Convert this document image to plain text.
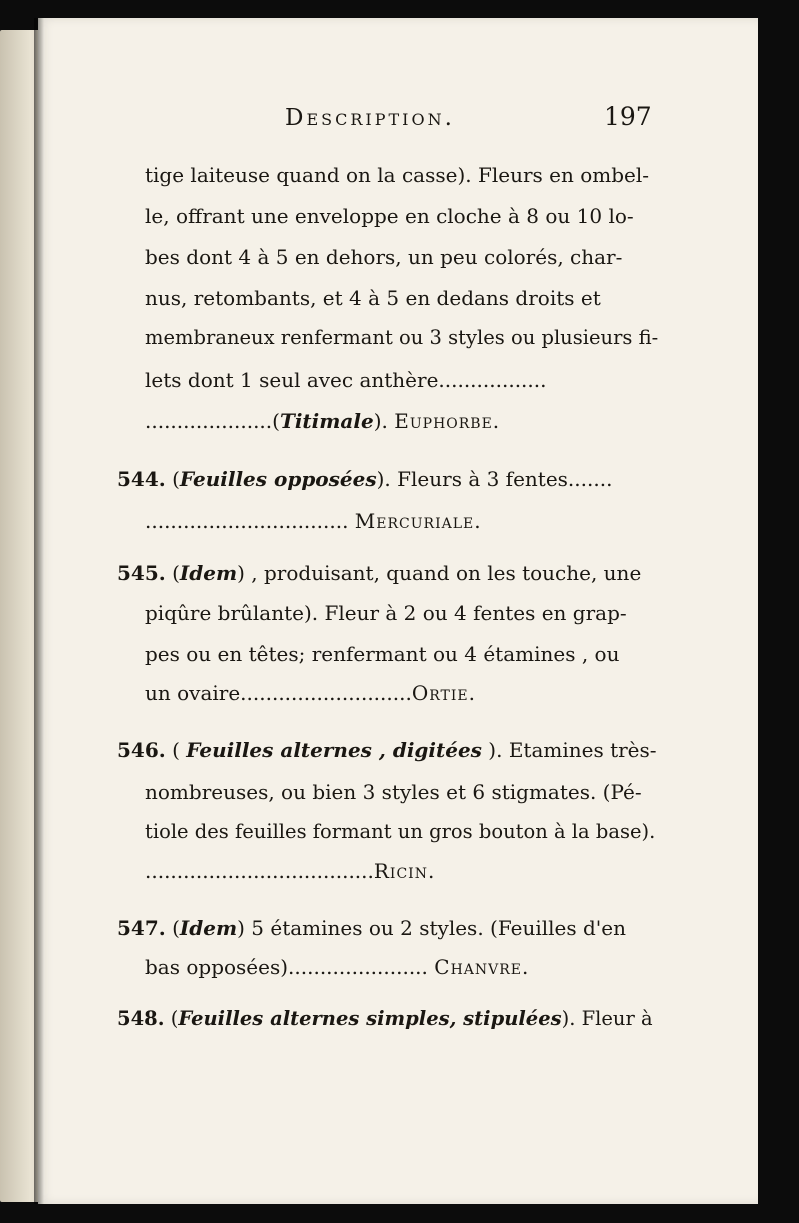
Description.	197
tige laiteuse quand on la casse). Fleurs en ombel-
le, offrant une enveloppe en cloche à 8 ou 10 lo-
bes dont 4 à 5 en dehors, un peu colorés, char-
nus, retombants, et 4 à 5 en dedans droits et
membraneux renfermant ou 3 styles ou plusieurs fi-
lets dont 1 seul avec anthère.................
....................(Titimale). Euphorbe.
544. (Feuilles opposées). Fleurs à 3 fentes.......
................................ Mercuriale.
545. (Idem) , produisant, quand on les touche, une
piqûre brûlante). Fleur à 2 ou 4 fentes en grap-
pes ou en têtes; renfermant ou 4 étamines , ou
un ovaire...........................Ortie.
546. ( Feuilles alternes , digitées ). Etamines très-
nombreuses, ou bien 3 styles et 6 stigmates. (Pé-
tiole des feuilles formant un gros bouton à la base).
....................................Ricin.
547. (Idem) 5 étamines ou 2 styles. (Feuilles d'en
bas opposées)...................... Chanvre.
548. (Feuilles alternes simples, stipulées). Fleur à
